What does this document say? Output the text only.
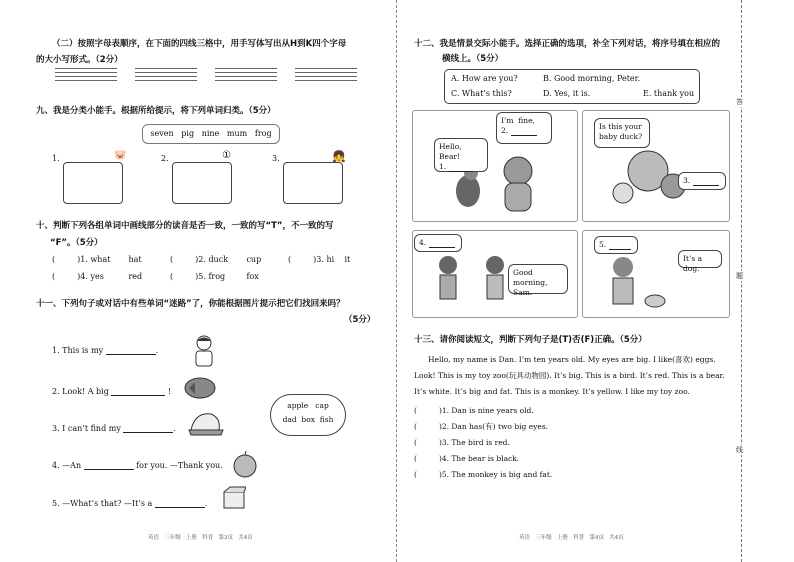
（二）按照字母表顺序，在下面的四线三格中，用手写体写出从H到K四个字母
的大小写形式。（2分）
九、我是分类小能手。根据所给提示，将下列单词归类。（5分）
seven   pig   nine   mum   frog
1.	🐷	2.	①	3.	👧
十、判断下列各组单词中画线部分的读音是否一致，一致的写“T”，不一致的写
“F”。（5分）
(	)1. what hat	(	)2. duck cup	(	)3. hi it
(	)4. yes	red	(	)5. frog	fox
十一、下列句子或对话中有些单词“迷路”了，你能根据图片提示把它们找回来吗？
（5分）
1. This is my	.
2. Look! A big	!
3. I can’t find my	.
apple cap
dad box fish
4. —An	for you. —Thank you.
5. —What’s that? —It’s a	.
英语   三年级   上册   科普   第3页   共4页
十二、我是情景交际小能手。选择正确的选项，补全下列对话，将序号填在相应的
横线上。（5分）
A. How are you?	B. Good morning, Peter.
C. What’s this?	D. Yes, it is.	E. thank you
Hello, Bear!
1.
I’m fine,
2.	Is this your
baby duck?
3.
4.
Good morning,
Sam.
5.
It’s a dog.
十三、请你阅读短文，判断下列句子是(T)否(F)正确。（5分）
Hello, my name is Dan. I’m ten years old. My eyes are big. I like(喜欢) eggs.
Look! This is my toy zoo(玩具动物园). It’s big. This is a bird. It’s red. This is a bear.
It’s white. It’s big and fat. This is a monkey. It’s yellow. I like my toy zoo.
(	)1. Dan is nine years old.
(	)2. Dan has(有) two big eyes.
(	)3. The bird is red.
(	)4. The bear is black.
(	)5. The monkey is big and fat.
英语   三年级   上册   科普   第4页   共4页
答
题
线
